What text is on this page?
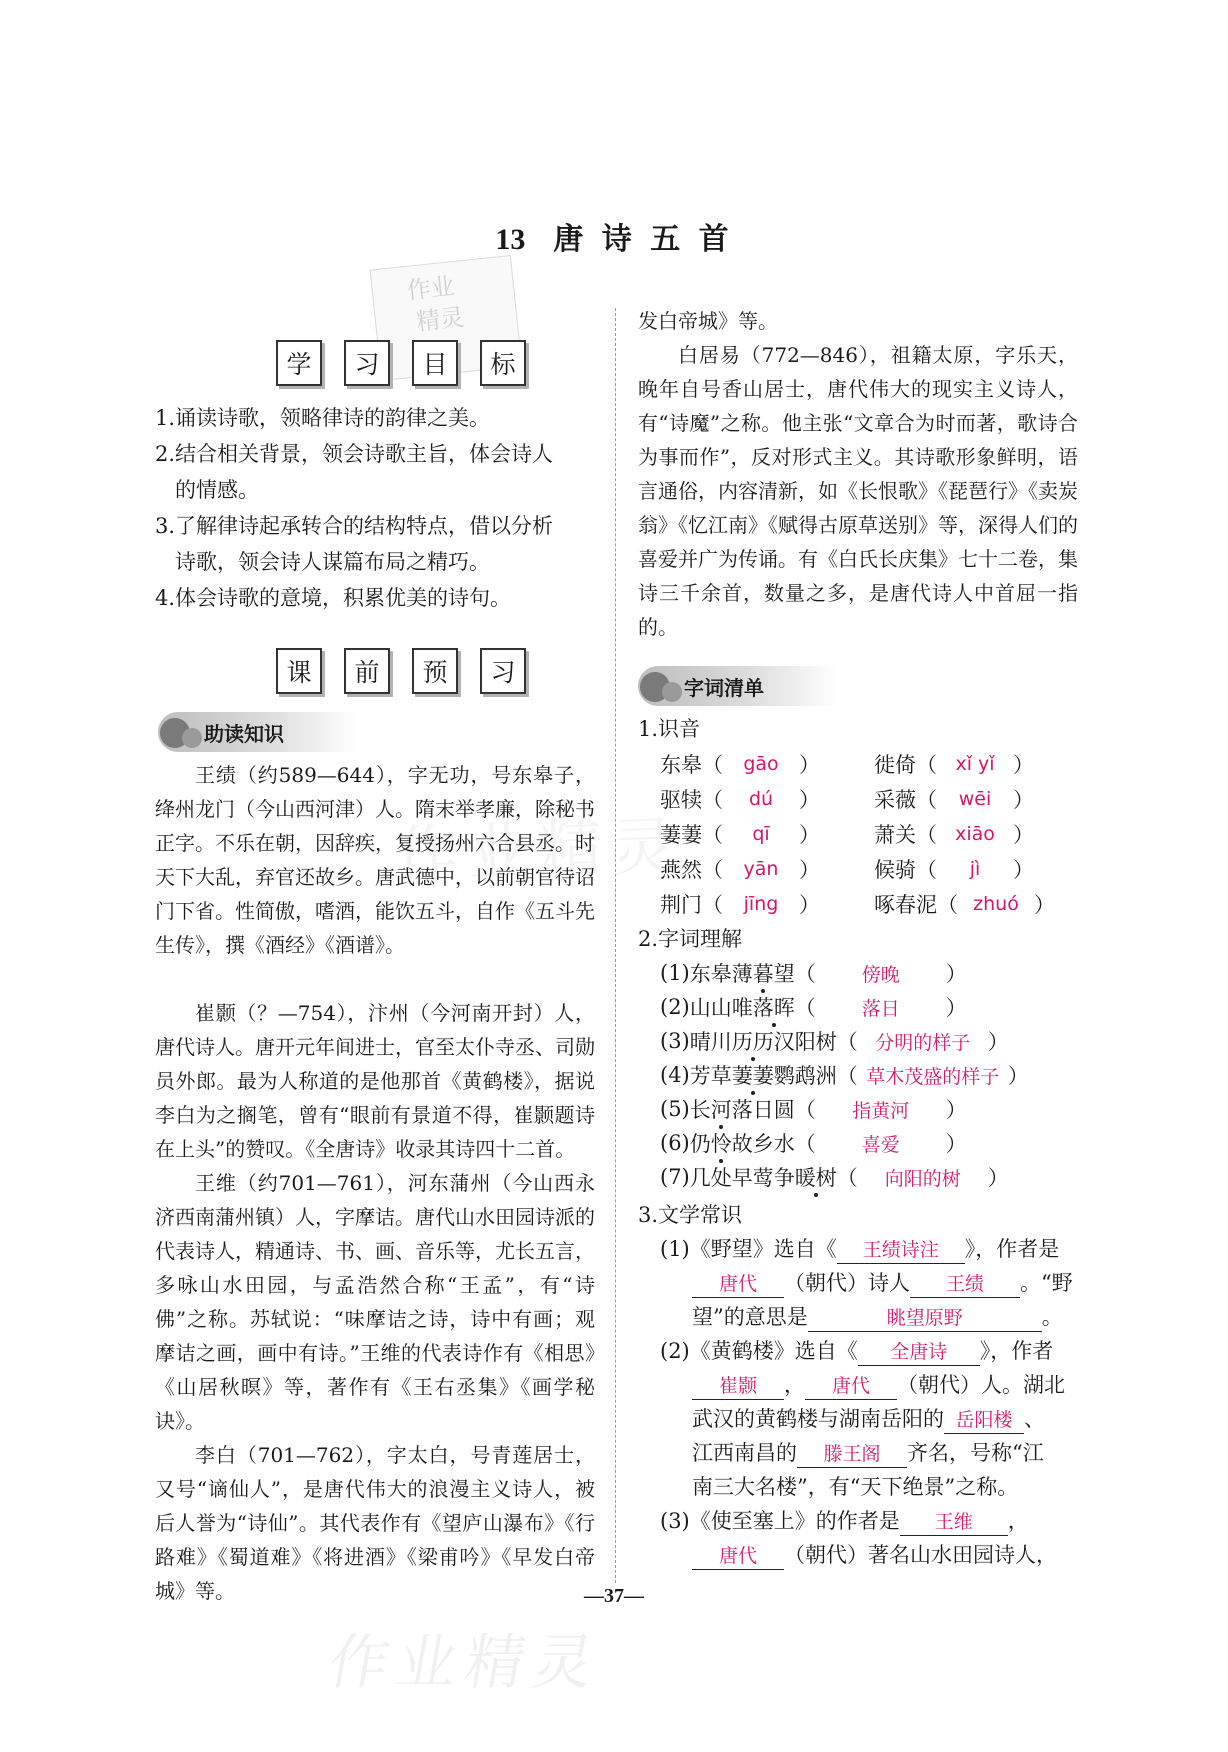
13 唐 诗 五 首
作业
精灵
学	习	目	标
1.诵读诗歌，领略律诗的韵律之美。
2.结合相关背景，领会诗歌主旨，体会诗人
的情感。
3.了解律诗起承转合的结构特点，借以分析
诗歌，领会诗人谋篇布局之精巧。
4.体会诗歌的意境，积累优美的诗句。
课	前	预	习
助读知识
王绩（约589—644），字无功，号东皋子，绛州龙门（今山西河津）人。隋末举孝廉，除秘书正字。不乐在朝，因辞疾，复授扬州六合县丞。时天下大乱，弃官还故乡。唐武德中，以前朝官待诏门下省。性简傲，嗜酒，能饮五斗，自作《五斗先生传》，撰《酒经》《酒谱》。
崔颢（？—754），汴州（今河南开封）人，唐代诗人。唐开元年间进士，官至太仆寺丞、司勋员外郎。最为人称道的是他那首《黄鹤楼》，据说李白为之搁笔，曾有“眼前有景道不得，崔颢题诗在上头”的赞叹。《全唐诗》收录其诗四十二首。
王维（约701—761），河东蒲州（今山西永济西南蒲州镇）人，字摩诘。唐代山水田园诗派的代表诗人，精通诗、书、画、音乐等，尤长五言，多咏山水田园，与孟浩然合称“王孟”，有“诗佛”之称。苏轼说：“味摩诘之诗，诗中有画；观摩诘之画，画中有诗。”王维的代表诗作有《相思》《山居秋暝》等，著作有《王右丞集》《画学秘诀》。
李白（701—762），字太白，号青莲居士，又号“谪仙人”，是唐代伟大的浪漫主义诗人，被后人誉为“诗仙”。其代表作有《望庐山瀑布》《行路难》《蜀道难》《将进酒》《梁甫吟》《早发白帝城》等。
发白帝城》等。
白居易（772—846），祖籍太原，字乐天，晚年自号香山居士，唐代伟大的现实主义诗人，有“诗魔”之称。他主张“文章合为时而著，歌诗合为事而作”，反对形式主义。其诗歌形象鲜明，语言通俗，内容清新，如《长恨歌》《琵琶行》《卖炭翁》《忆江南》《赋得古原草送别》等，深得人们的喜爱并广为传诵。有《白氏长庆集》七十二卷，集诗三千余首，数量之多，是唐代诗人中首屈一指的。
字词清单
1.识音
东皋 （	gāo ）	徙倚 （ xǐ yǐ ）
驱犊 （	dú	）	采薇 （	wēi	）
萋萋 （	qī	）	萧关 （ xiāo ）
燕然 （	yān ）	候骑 （	jì	）
荆门 （	jīng ）	啄春泥 （ zhuó ）
2.字词理解
(1) 东皋薄 暮 望 （	傍晚	）
(2) 山山唯 落晖 （	落日	）
(3) 晴川 历历 汉阳树 （ 分明的样子 ）
(4) 芳草 萋萋 鹦鹉洲 （ 草木茂盛的样子 ）
(5) 长 河 落日圆 （	指黄河	）
(6) 仍 怜 故乡水 （	喜爱	）
(7) 几处早莺争 暖树 （	向阳的树	）
3.文学常识
(1)《野望》选自《 王绩诗注 》，作者是
唐代 （朝代）诗人 王绩 。“野
望”的意思是	眺望原野	。
(2)《黄鹤楼》选自《 全唐诗 》，作者
崔颢 ， 唐代 （朝代）人。湖北
武汉的黄鹤楼与湖南岳阳的 岳阳楼 、
江西南昌的 滕王阁 齐名，号称“江
南三大名楼”，有“天下绝景”之称。
(3)《使至塞上》的作者是 王维 ，
唐代 （朝代）著名山水田园诗人，
—37—
作业精灵
